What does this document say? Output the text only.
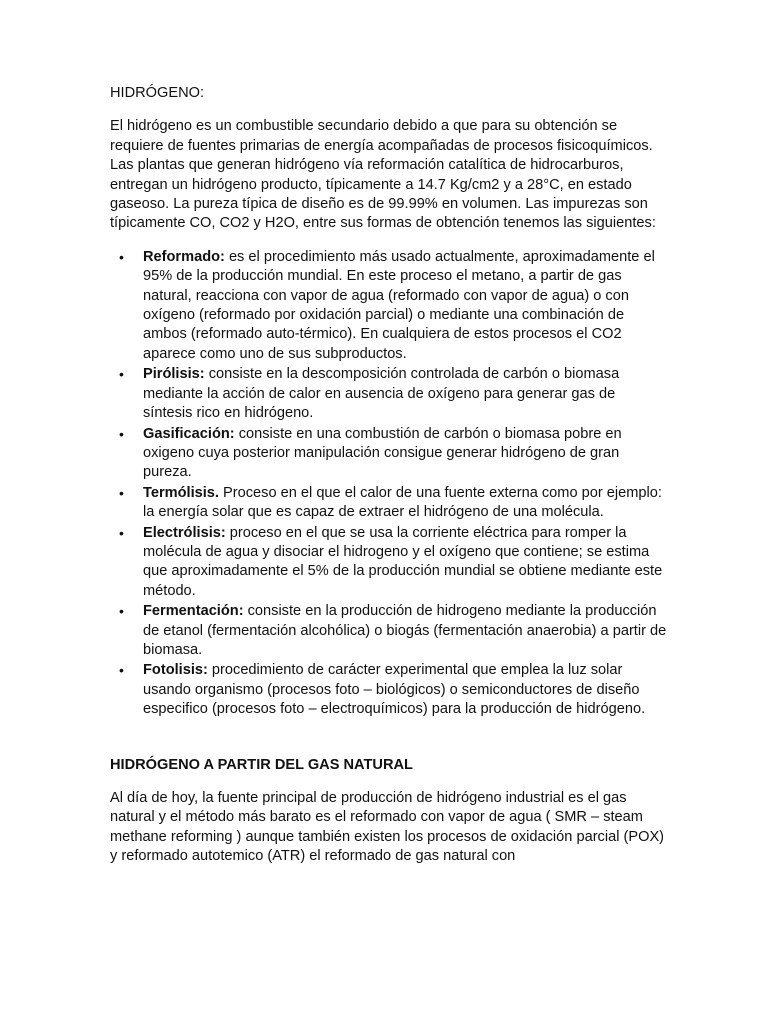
HIDRÓGENO:

El hidrógeno es un combustible secundario debido a que para su obtención se requiere de fuentes primarias de energía acompañadas de procesos fisicoquímicos. Las plantas que generan hidrógeno vía reformación catalítica de hidrocarburos, entregan un hidrógeno producto, típicamente a 14.7 Kg/cm2 y a 28°C, en estado gaseoso. La pureza típica de diseño es de 99.99% en volumen. Las impurezas son típicamente CO, CO2 y H2O, entre sus formas de obtención tenemos las siguientes:

• Reformado: es el procedimiento más usado actualmente, aproximadamente el 95% de la producción mundial. En este proceso el metano, a partir de gas natural, reacciona con vapor de agua (reformado con vapor de agua) o con oxígeno (reformado por oxidación parcial) o mediante una combinación de ambos (reformado auto-térmico). En cualquiera de estos procesos el CO2 aparece como uno de sus subproductos.
• Pirólisis: consiste en la descomposición controlada de carbón o biomasa mediante la acción de calor en ausencia de oxígeno para generar gas de síntesis rico en hidrógeno.
• Gasificación: consiste en una combustión de carbón o biomasa pobre en oxigeno cuya posterior manipulación consigue generar hidrógeno de gran pureza.
• Termólisis. Proceso en el que el calor de una fuente externa como por ejemplo: la energía solar que es capaz de extraer el hidrógeno de una molécula.
• Electrólisis: proceso en el que se usa la corriente eléctrica para romper la molécula de agua y disociar el hidrogeno y el oxígeno que contiene; se estima que aproximadamente el 5% de la producción mundial se obtiene mediante este método.
• Fermentación: consiste en la producción de hidrogeno mediante la producción de etanol (fermentación alcohólica) o biogás (fermentación anaerobia) a partir de biomasa.
• Fotolisis: procedimiento de carácter experimental que emplea la luz solar usando organismo (procesos foto – biológicos) o semiconductores de diseño especifico (procesos foto – electroquímicos) para la producción de hidrógeno.

HIDRÓGENO A PARTIR DEL GAS NATURAL

Al día de hoy, la fuente principal de producción de hidrógeno industrial es el gas natural y el método más barato es el reformado con vapor de agua ( SMR – steam methane reforming ) aunque también existen los procesos de oxidación parcial (POX) y reformado autotemico (ATR) el reformado de gas natural con
